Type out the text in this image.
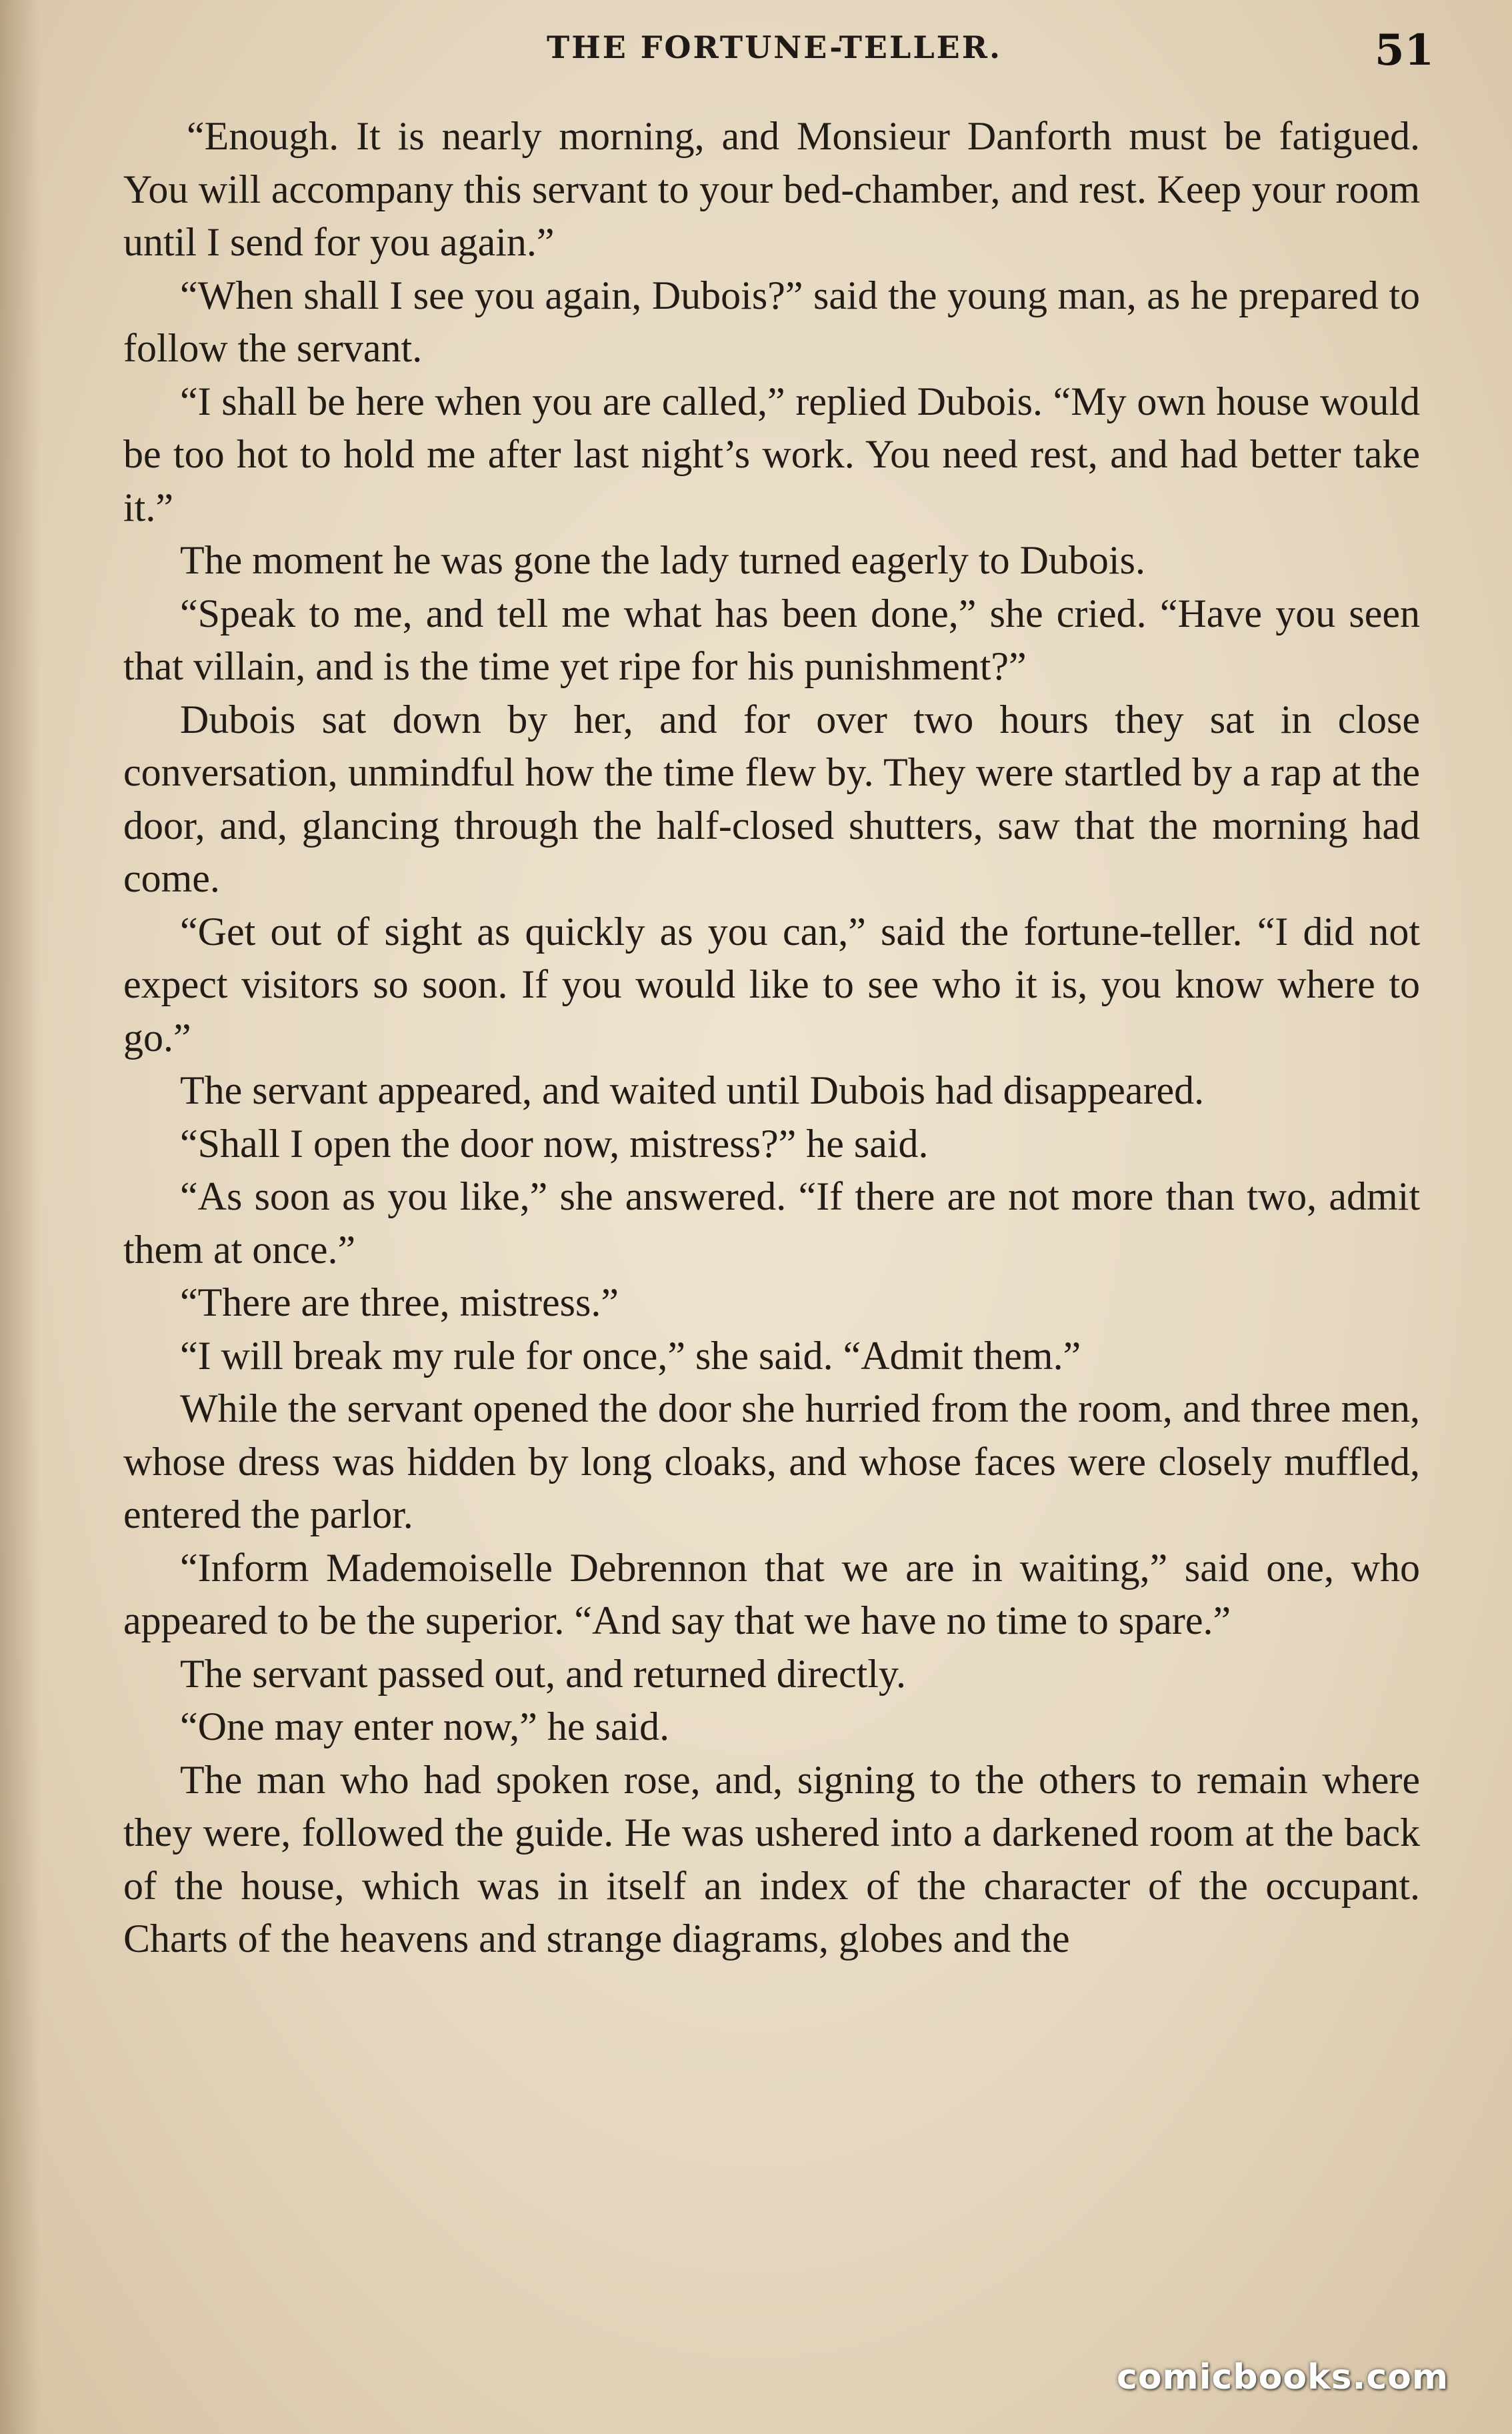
THE FORTUNE-TELLER.	51

“Enough. It is nearly morning, and Monsieur Danforth must be fatigued. You will accompany this servant to your bed-chamber, and rest. Keep your room until I send for you again.”

“When shall I see you again, Dubois?” said the young man, as he prepared to follow the servant.

“I shall be here when you are called,” replied Dubois. “My own house would be too hot to hold me after last night’s work. You need rest, and had better take it.”

The moment he was gone the lady turned eagerly to Dubois.

“Speak to me, and tell me what has been done,” she cried. “Have you seen that villain, and is the time yet ripe for his punishment?”

Dubois sat down by her, and for over two hours they sat in close conversation, unmindful how the time flew by. They were startled by a rap at the door, and, glancing through the half-closed shutters, saw that the morning had come.

“Get out of sight as quickly as you can,” said the fortune-teller. “I did not expect visitors so soon. If you would like to see who it is, you know where to go.”

The servant appeared, and waited until Dubois had disappeared.

“Shall I open the door now, mistress?” he said.

“As soon as you like,” she answered. “If there are not more than two, admit them at once.”

“There are three, mistress.”

“I will break my rule for once,” she said. “Admit them.”

While the servant opened the door she hurried from the room, and three men, whose dress was hidden by long cloaks, and whose faces were closely muffled, entered the parlor.

“Inform Mademoiselle Debrennon that we are in waiting,” said one, who appeared to be the superior. “And say that we have no time to spare.”

The servant passed out, and returned directly.

“One may enter now,” he said.

The man who had spoken rose, and, signing to the others to remain where they were, followed the guide. He was ushered into a darkened room at the back of the house, which was in itself an index of the character of the occupant. Charts of the heavens and strange diagrams, globes and the

comicbooks.com
